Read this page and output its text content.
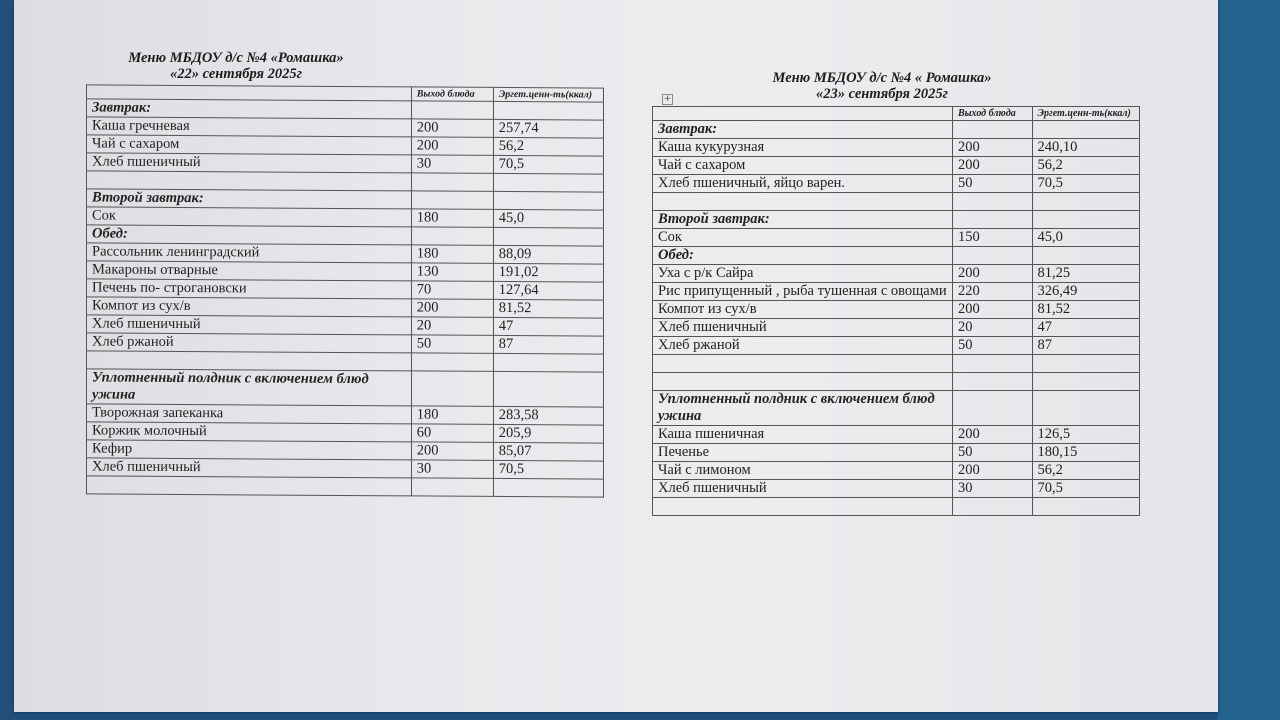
Меню МБДОУ д/с №4 «Ромашка»
«22» сентября 2025г
	Выход блюда	Эргет.ценн-ть(ккал)
Завтрак:		
Каша гречневая	200	257,74
Чай с сахаром	200	56,2
Хлеб пшеничный	30	70,5

Второй завтрак:		
Сок	180	45,0
Обед:		
Рассольник ленинградский	180	88,09
Макароны отварные	130	191,02
Печень по- строгановски	70	127,64
Компот из сух/в	200	81,52
Хлеб пшеничный	20	47
Хлеб ржаной	50	87

Уплотненный полдник с включением блюд ужина		
Творожная запеканка	180	283,58
Коржик молочный	60	205,9
Кефир	200	85,07
Хлеб пшеничный	30	70,5

+
Меню МБДОУ д/с №4 « Ромашка»
«23» сентября 2025г
	Выход блюда	Эргет.ценн-ть(ккал)
Завтрак:		
Каша кукурузная	200	240,10
Чай с сахаром	200	56,2
Хлеб пшеничный, яйцо варен.	50	70,5

Второй завтрак:		
Сок	150	45,0
Обед:		
Уха с р/к Сайра	200	81,25
Рис припущенный , рыба тушенная с овощами	220	326,49
Компот из сух/в	200	81,52
Хлеб пшеничный	20	47
Хлеб ржаной	50	87

Уплотненный полдник с включением блюд ужина		
Каша пшеничная	200	126,5
Печенье	50	180,15
Чай с лимоном	200	56,2
Хлеб пшеничный	30	70,5
